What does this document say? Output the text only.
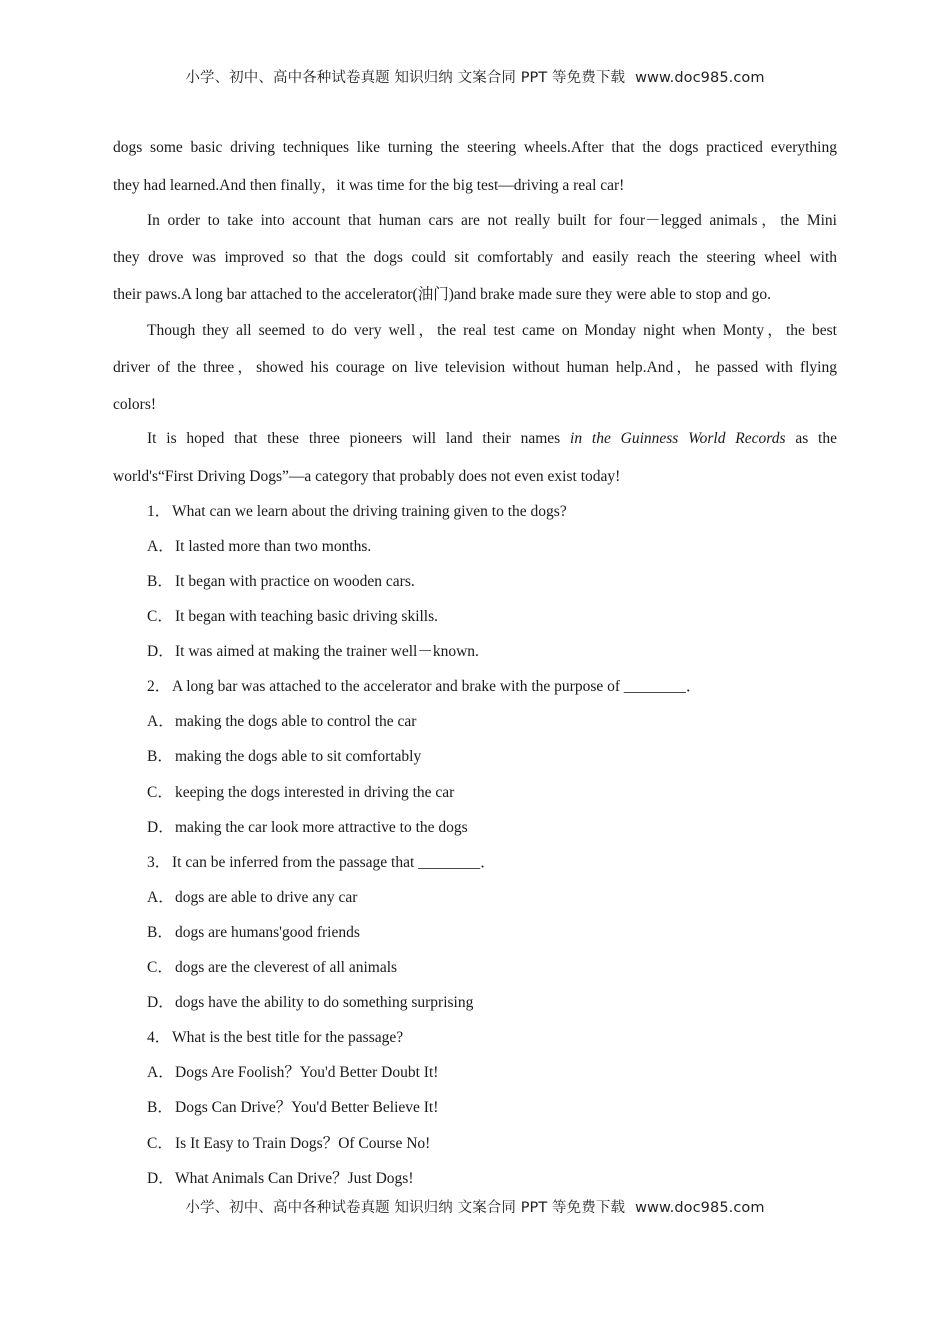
小学、初中、高中各种试卷真题 知识归纳 文案合同 PPT 等免费下载 www.doc985.com
dogs some basic driving techniques like turning the steering wheels.After that the dogs practiced everything
they had learned.And then finally，it was time for the big test—driving a real car!
In order to take into account that human cars are not really built for four－legged animals，the Mini
they drove was improved so that the dogs could sit comfortably and easily reach the steering wheel with
their paws.A long bar attached to the accelerator(油门)and brake made sure they were able to stop and go.
Though they all seemed to do very well，the real test came on Monday night when Monty，the best
driver of the three，showed his courage on live television without human help.And，he passed with flying
colors!
It is hoped that these three pioneers will land their names in the Guinness World Records as the
world's“First Driving Dogs”—a category that probably does not even exist today!
1． What can we learn about the driving training given to the dogs?
A．It lasted more than two months.
B． It began with practice on wooden cars.
C． It began with teaching basic driving skills.
D．It was aimed at making the trainer well－known.
2． A long bar was attached to the accelerator and brake with the purpose of ________．
A．making the dogs able to control the car
B． making the dogs able to sit comfortably
C． keeping the dogs interested in driving the car
D．making the car look more attractive to the dogs
3． It can be inferred from the passage that ________．
A．dogs are able to drive any car
B． dogs are humans'good friends
C． dogs are the cleverest of all animals
D．dogs have the ability to do something surprising
4． What is the best title for the passage?
A．Dogs Are Foolish？You'd Better Doubt It!
B． Dogs Can Drive？You'd Better Believe It!
C． Is It Easy to Train Dogs？Of Course No!
D．What Animals Can Drive？Just Dogs!
小学、初中、高中各种试卷真题 知识归纳 文案合同 PPT 等免费下载 www.doc985.com
